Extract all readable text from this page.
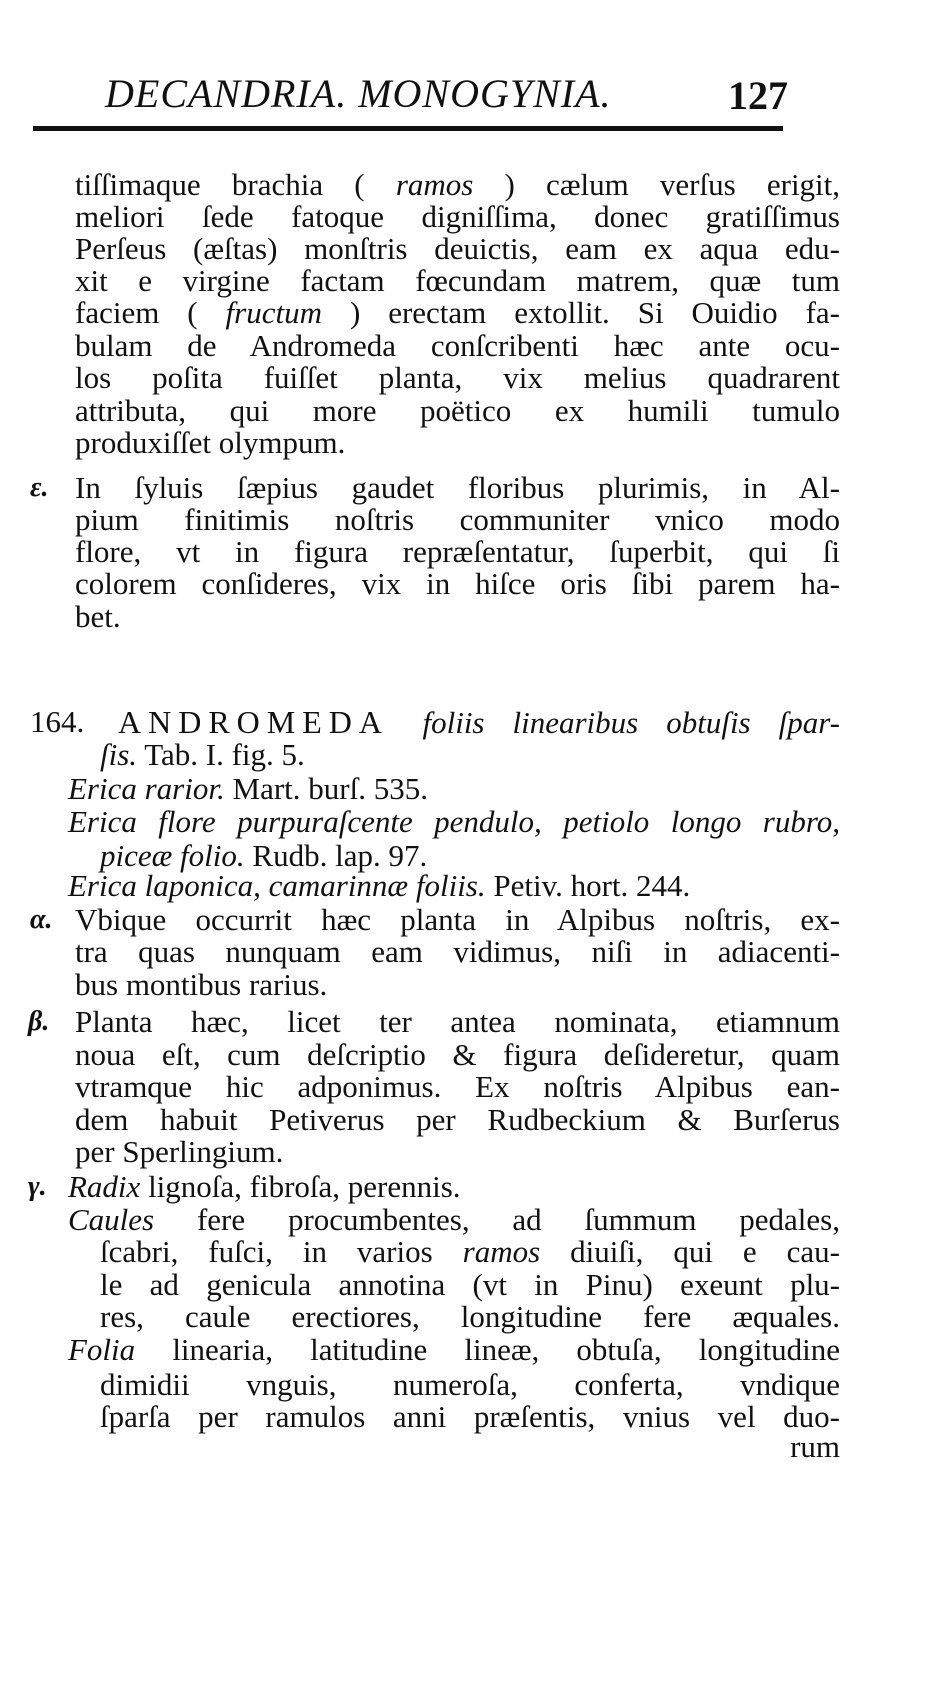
DECANDRIA. MONOGYNIA.	127
ε.
164.
α.
β.
γ.
tiſſimaque brachia ( ramos ) cælum verſus erigit,
meliori ſede fatoque digniſſima, donec gratiſſimus
Perſeus (æſtas) monſtris deuictis, eam ex aqua edu-
xit e virgine factam fœcundam matrem, quæ tum
faciem ( fructum ) erectam extollit. Si Ouidio fa-
bulam de Andromeda conſcribenti hæc ante ocu-
los poſita fuiſſet planta, vix melius quadrarent
attributa, qui more poëtico ex humili tumulo
produxiſſet olympum.
In ſyluis ſæpius gaudet floribus plurimis, in Al-
pium finitimis noſtris communiter vnico modo
flore, vt in figura repræſentatur, ſuperbit, qui ſi
colorem conſideres, vix in hiſce oris ſibi parem ha-
bet.
ANDROMEDA foliis linearibus obtuſis ſpar-
ſis. Tab. I. fig. 5.
Erica rarior. Mart. burſ. 535.
Erica flore purpuraſcente pendulo, petiolo longo rubro,
piceæ folio. Rudb. lap. 97.
Erica laponica, camarinnæ foliis. Petiv. hort. 244.
Vbique occurrit hæc planta in Alpibus noſtris, ex-
tra quas nunquam eam vidimus, niſi in adiacenti-
bus montibus rarius.
Planta hæc, licet ter antea nominata, etiamnum
noua eſt, cum deſcriptio & figura deſideretur, quam
vtramque hic adponimus. Ex noſtris Alpibus ean-
dem habuit Petiverus per Rudbeckium & Burſerus
per Sperlingium.
Radix lignoſa, fibroſa, perennis.
Caules fere procumbentes, ad ſummum pedales,
ſcabri, fuſci, in varios ramos diuiſi, qui e cau-
le ad genicula annotina (vt in Pinu) exeunt plu-
res, caule erectiores, longitudine fere æquales.
Folia linearia, latitudine lineæ, obtuſa, longitudine
dimidii vnguis, numeroſa, conferta, vndique
ſparſa per ramulos anni præſentis, vnius vel duo-
rum
